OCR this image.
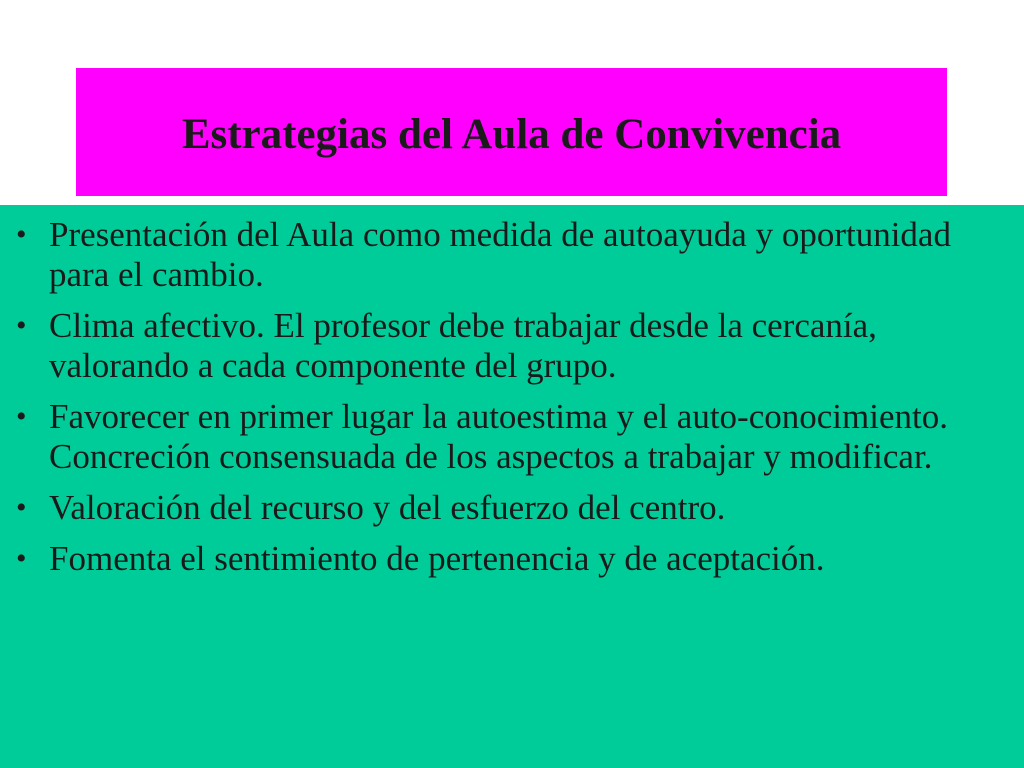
Estrategias del Aula de Convivencia
• Presentación del Aula como medida de autoayuda y oportunidad para el cambio.
• Clima afectivo. El profesor debe trabajar desde la cercanía, valorando a cada componente del grupo.
• Favorecer en primer lugar la autoestima y el auto-conocimiento. Concreción consensuada de los aspectos a trabajar y modificar.
• Valoración del recurso y del esfuerzo del centro.
• Fomenta el sentimiento de pertenencia y de aceptación.
